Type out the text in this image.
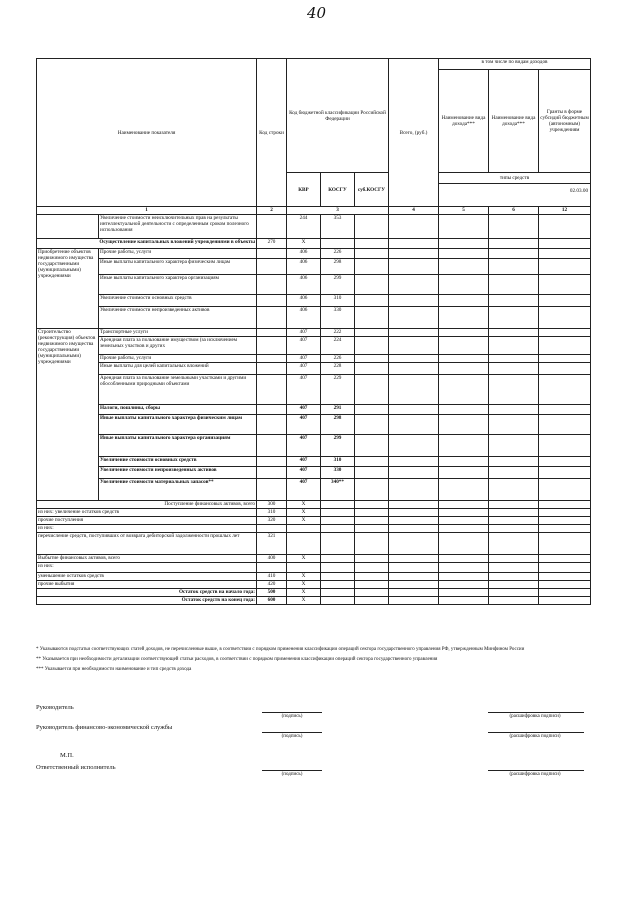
40
Наименование показателя		Код строки	Код бюджетной классификации Российской Федерации			Всего, (руб.)	в том числе по видам доходов		
							Наименование вида дохода***	Наименование вида дохода***	Гранты в форме субсидий бюджетным (автономным) учреждениям
			КВР	КОСГУ	суб.КОСГУ		типы средств
02.03.00		

1		2	3			4	5	6	12
	Увеличение стоимости неисключительных прав на результаты интеллектуальной деятельности с определенным сроком полезного использования		244	353					
Осуществление капитальных вложений учреждениями в объекты		270	X						
Приобретение объектов недвижимого имущества государственными (муниципальными) учреждениями	Прочие работы, услуги		406	226					
	Иные выплаты капитального характера физическим лицам		406	298					
	Иные выплаты капитального характера организациям		406	299					
	Увеличение стоимости основных средств		406	310					
	Увеличение стоимости непроизведенных активов		406	330					
Строительство (реконструкция) объектов недвижимого имущества государственными (муниципальными) учреждениями	Транспортные услуги		407	222					
	Арендная плата за пользование имуществом (за исключением земельных участков и других		407	224					
	Прочие работы, услуги		407	226					
	Иные выплаты для целей капитальных вложений		407	228					
	Арендная плата за пользование земельными участками и другими обособленными природными объектами		407	229					
	Налоги, пошлины, сборы		407	291					
	Иные выплаты капитального характера физическим лицам		407	298					
	Иные выплаты капитального характера организациям		407	299					
	Увеличение стоимости основных средств		407	310					
	Увеличение стоимости непроизведенных активов		407	330					
	Увеличение стоимости материальных запасов**		407	340**					
Поступление финансовых активов, всего		300	X						
из них: увеличение остатков средств		310	X						
прочие поступления		320	X						
из них:									
перечисление средств, поступивших от возврата дебиторской задолженности прошлых лет		321							
Выбытие финансовых активов, всего		400	X						
из них:									
уменьшение остатков средств		410	X						
прочие выбытия		420	X						
Остаток средств на начало года:		500	X						
Остаток средств на конец года:		600	X						
* Указываются подстатьи соответствующих статей доходов, не перечисленные выше, в соответствии с порядком применения классификации операций сектора государственного управления РФ, утвержденным Минфином России
** Указывается при необходимости детализации соответствующей статьи расходов, в соответствии с порядком применения классификации операций сектора государственного управления
*** Указывается при необходимости наименование и тип средств дохода
Руководитель
(подпись)	(расшифровка подписи)
Руководитель финансово-экономической службы
(подпись)	(расшифровка подписи)
М.П.
Ответственный исполнитель
(подпись)	(расшифровка подписи)
